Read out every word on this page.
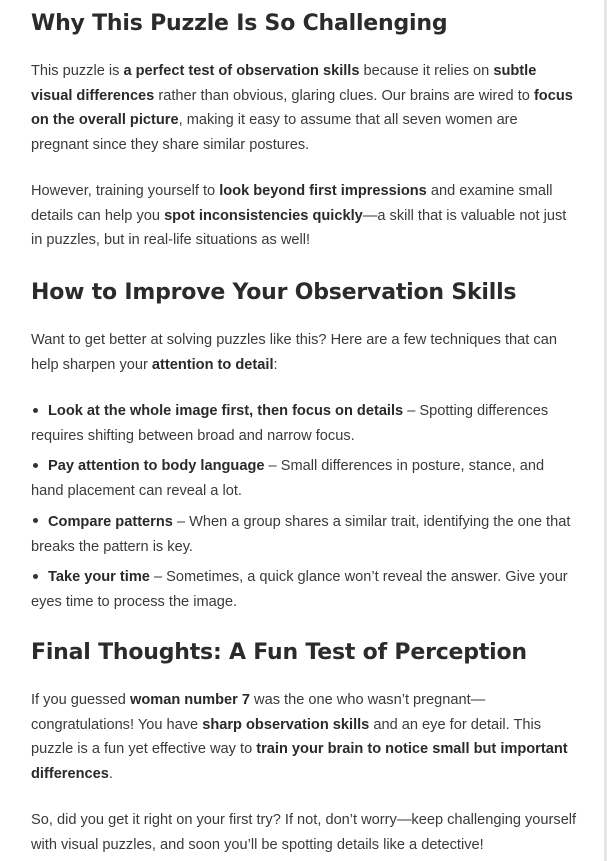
Why This Puzzle Is So Challenging

This puzzle is a perfect test of observation skills because it relies on subtle visual differences rather than obvious, glaring clues. Our brains are wired to focus on the overall picture, making it easy to assume that all seven women are pregnant since they share similar postures.

However, training yourself to look beyond first impressions and examine small details can help you spot inconsistencies quickly—a skill that is valuable not just in puzzles, but in real-life situations as well!

How to Improve Your Observation Skills

Want to get better at solving puzzles like this? Here are a few techniques that can help sharpen your attention to detail:

Look at the whole image first, then focus on details – Spotting differences requires shifting between broad and narrow focus.
Pay attention to body language – Small differences in posture, stance, and hand placement can reveal a lot.
Compare patterns – When a group shares a similar trait, identifying the one that breaks the pattern is key.
Take your time – Sometimes, a quick glance won’t reveal the answer. Give your eyes time to process the image.
Final Thoughts: A Fun Test of Perception

If you guessed woman number 7 was the one who wasn’t pregnant—congratulations! You have sharp observation skills and an eye for detail. This puzzle is a fun yet effective way to train your brain to notice small but important differences.

So, did you get it right on your first try? If not, don’t worry—keep challenging yourself with visual puzzles, and soon you’ll be spotting details like a detective!
